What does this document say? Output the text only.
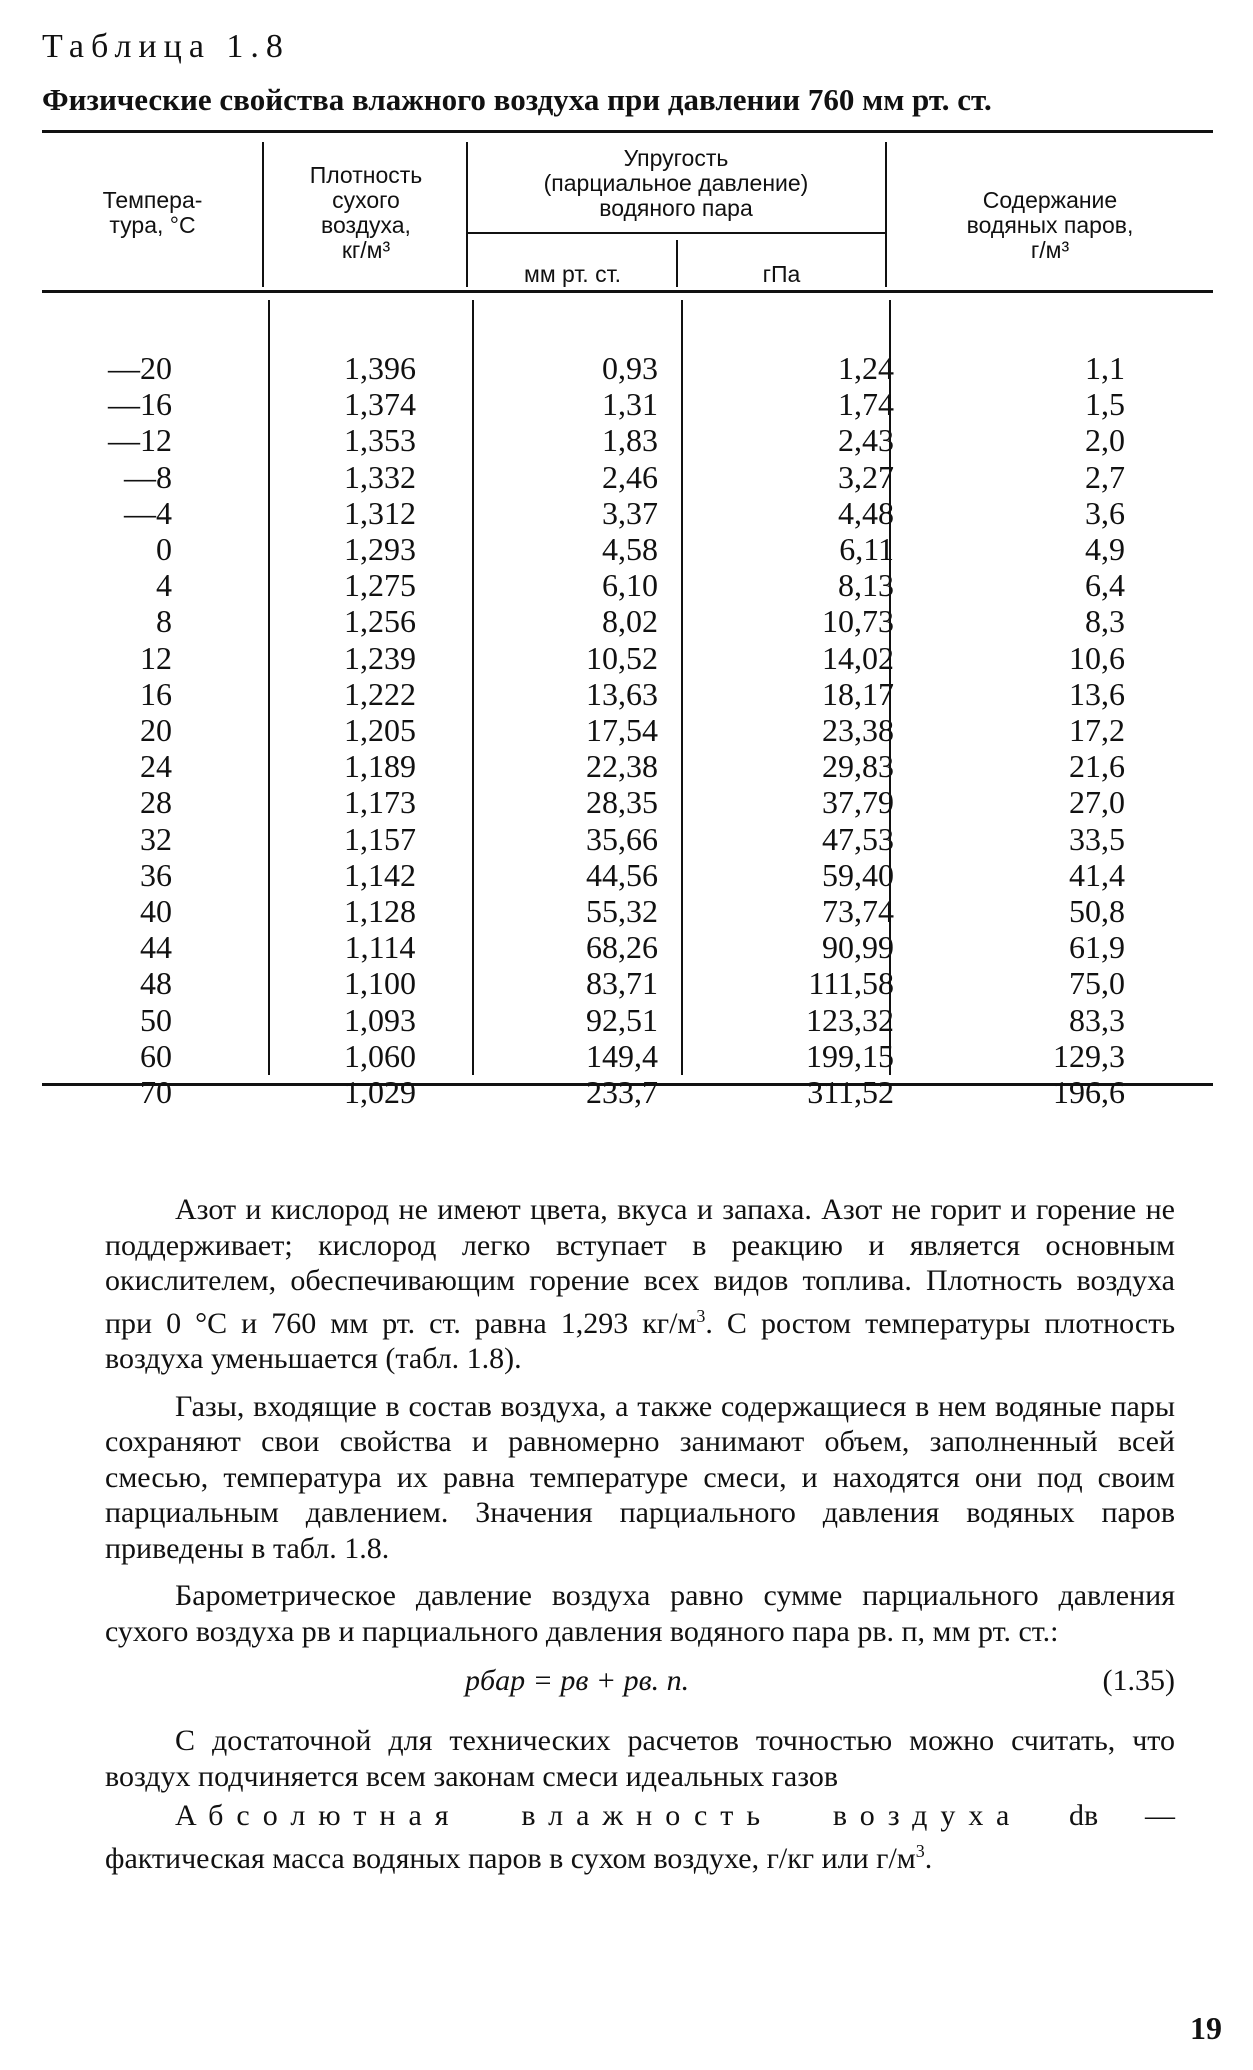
Таблица 1.8
Физические свойства влажного воздуха при давлении 760 мм рт. ст.
Темпера-
тура, °С
Плотность
сухого
воздуха,
кг/м³
Упругость
(парциальное давление)
водяного пара
мм рт. ст.	гПа
Содержание
водяных паров,
г/м³
—20
—16
—12
—8
—4
0
4
8
12
16
20
24
28
32
36
40
44
48
50
60
70
1,396
1,374
1,353
1,332
1,312
1,293
1,275
1,256
1,239
1,222
1,205
1,189
1,173
1,157
1,142
1,128
1,114
1,100
1,093
1,060
1,029
0,93
1,31
1,83
2,46
3,37
4,58
6,10
8,02
10,52
13,63
17,54
22,38
28,35
35,66
44,56
55,32
68,26
83,71
92,51
149,4
233,7
1,24
1,74
2,43
3,27
4,48
6,11
8,13
10,73
14,02
18,17
23,38
29,83
37,79
47,53
59,40
73,74
90,99
111,58
123,32
199,15
311,52
1,1
1,5
2,0
2,7
3,6
4,9
6,4
8,3
10,6
13,6
17,2
21,6
27,0
33,5
41,4
50,8
61,9
75,0
83,3
129,3
196,6

Азот и кислород не имеют цвета, вкуса и запаха. Азот не горит и горение не поддерживает; кислород легко вступает в реакцию и является основным окислителем, обеспечивающим горение всех видов топлива. Плотность воздуха при 0 °С и 760 мм рт. ст. равна 1,293 $кг/м^3$. С ростом температуры плотность воздуха уменьшается (табл. 1.8).

Газы, входящие в состав воздуха, а также содержащиеся в нем водяные пары сохраняют свои свойства и равномерно занимают объем, заполненный всей смесью, температура их равна температуре смеси, и находятся они под своим парциальным давлением. Значения парциального давления водяных паров приведены в табл. 1.8.

Барометрическое давление воздуха равно сумме парциального давления сухого воздуха pв и парциального давления водяного пара pв. п, мм рт. ст.:

pбар = pв + pв. п.	(1.35)

С достаточной для технических расчетов точностью можно считать, что воздух подчиняется всем законам смеси идеальных газов

Абсолютная влажность воздуха dв — фактическая масса водяных паров в сухом воздухе, г/кг или $г/м^3$.

19
